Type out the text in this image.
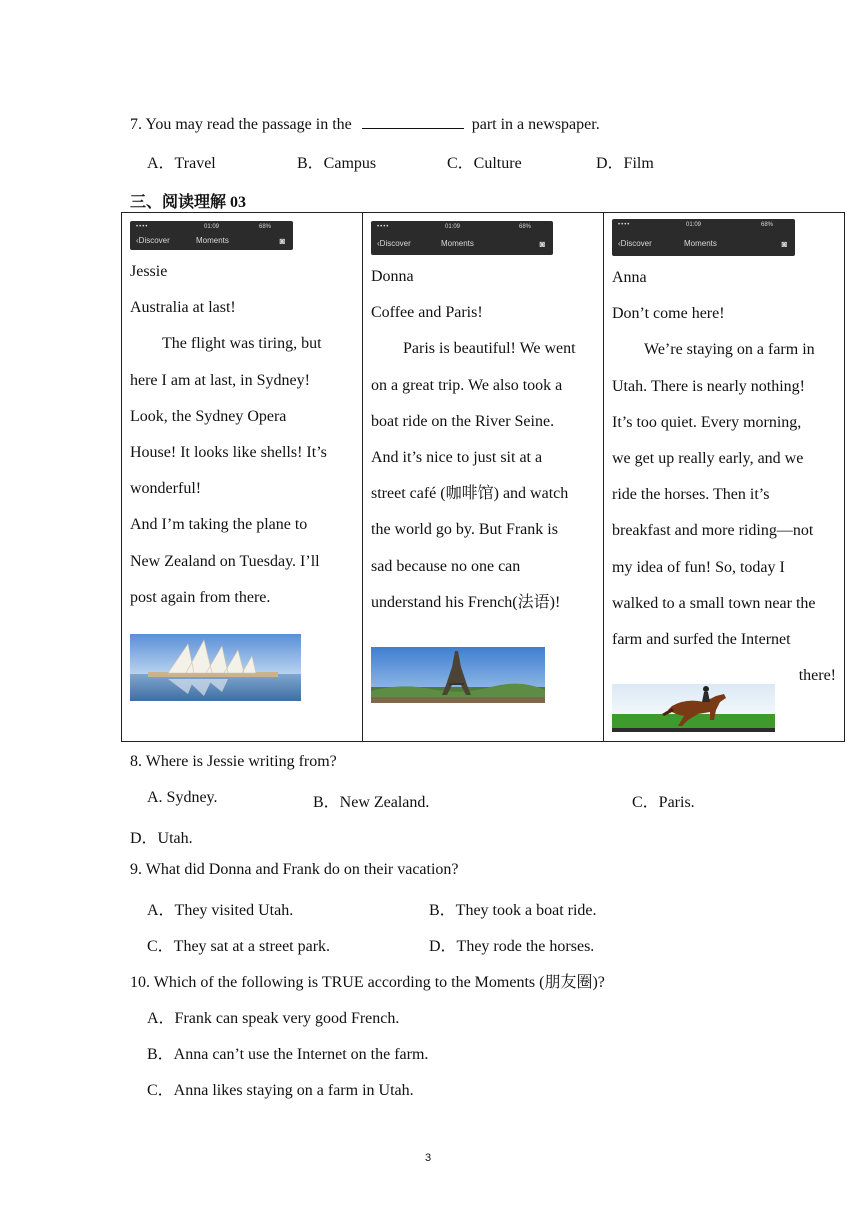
7. You may read the passage in the	part in a newspaper.
A．Travel	B．Campus	C．Culture	D．Film
三、阅读理解 03
••••	01:09	68%
‹Discover	Moments	◙
Jessie
Australia at last!
The flight was tiring, but
here I am at last, in Sydney!
Look, the Sydney Opera
House! It looks like shells! It’s
wonderful!
And I’m taking the plane to
New Zealand on Tuesday. I’ll
post again from there.

••••	01:09	68%
‹Discover	Moments	◙
Donna
Coffee and Paris!
Paris is beautiful! We went
on a great trip. We also took a
boat ride on the River Seine.
And it’s nice to just sit at a
street café (咖啡馆) and watch
the world go by. But Frank is
sad because no one can
understand his French(法语)!

••••	01:09	68%
‹Discover	Moments	◙
Anna
Don’t come here!
We’re staying on a farm in
Utah. There is nearly nothing!
It’s too quiet. Every morning,
we get up really early, and we
ride the horses. Then it’s
breakfast and more riding—not
my idea of fun! So, today I
walked to a small town near the
farm and surfed the Internet
there!
8. Where is Jessie writing from?
A. Sydney.	B．New Zealand.	C．Paris.
D．Utah.
9. What did Donna and Frank do on their vacation?
A．They visited Utah.	B．They took a boat ride.
C．They sat at a street park.	D．They rode the horses.
10. Which of the following is TRUE according to the Moments (朋友圈)?
A．Frank can speak very good French.
B．Anna can’t use the Internet on the farm.
C．Anna likes staying on a farm in Utah.
3
